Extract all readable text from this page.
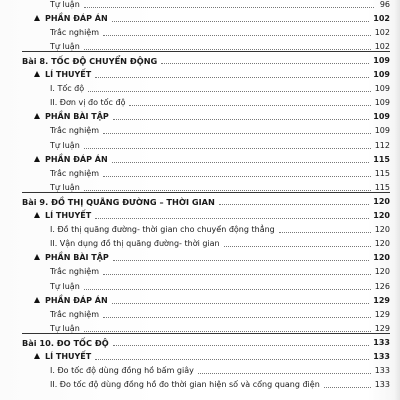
Tự luận	96
PHẦN ĐÁP ÁN	102
Trắc nghiệm	102
Tự luận	102
Bài 8. TỐC ĐỘ CHUYỂN ĐỘNG	109
LÍ THUYẾT	109
I. Tốc độ	109
II. Đơn vị đo tốc độ	109
PHẦN BÀI TẬP	109
Trắc nghiệm	109
Tự luận	112
PHẦN ĐÁP ÁN	115
Trắc nghiệm	115
Tự luận	115
Bài 9. ĐỒ THỊ QUÃNG ĐƯỜNG – THỜI GIAN	120
LÍ THUYẾT	120
I. Đồ thị quãng đường- thời gian cho chuyển động thẳng	120
II. Vận dụng đồ thị quãng đường- thời gian	120
PHẦN BÀI TẬP	120
Trắc nghiệm	120
Tự luận	126
PHẦN ĐÁP ÁN	129
Trắc nghiệm	129
Tự luận	129
Bài 10. ĐO TỐC ĐỘ	133
LÍ THUYẾT	133
I. Đo tốc độ dùng đồng hồ bấm giây	133
II. Đo tốc độ dùng đồng hồ đo thời gian hiện số và cổng quang điện	133
